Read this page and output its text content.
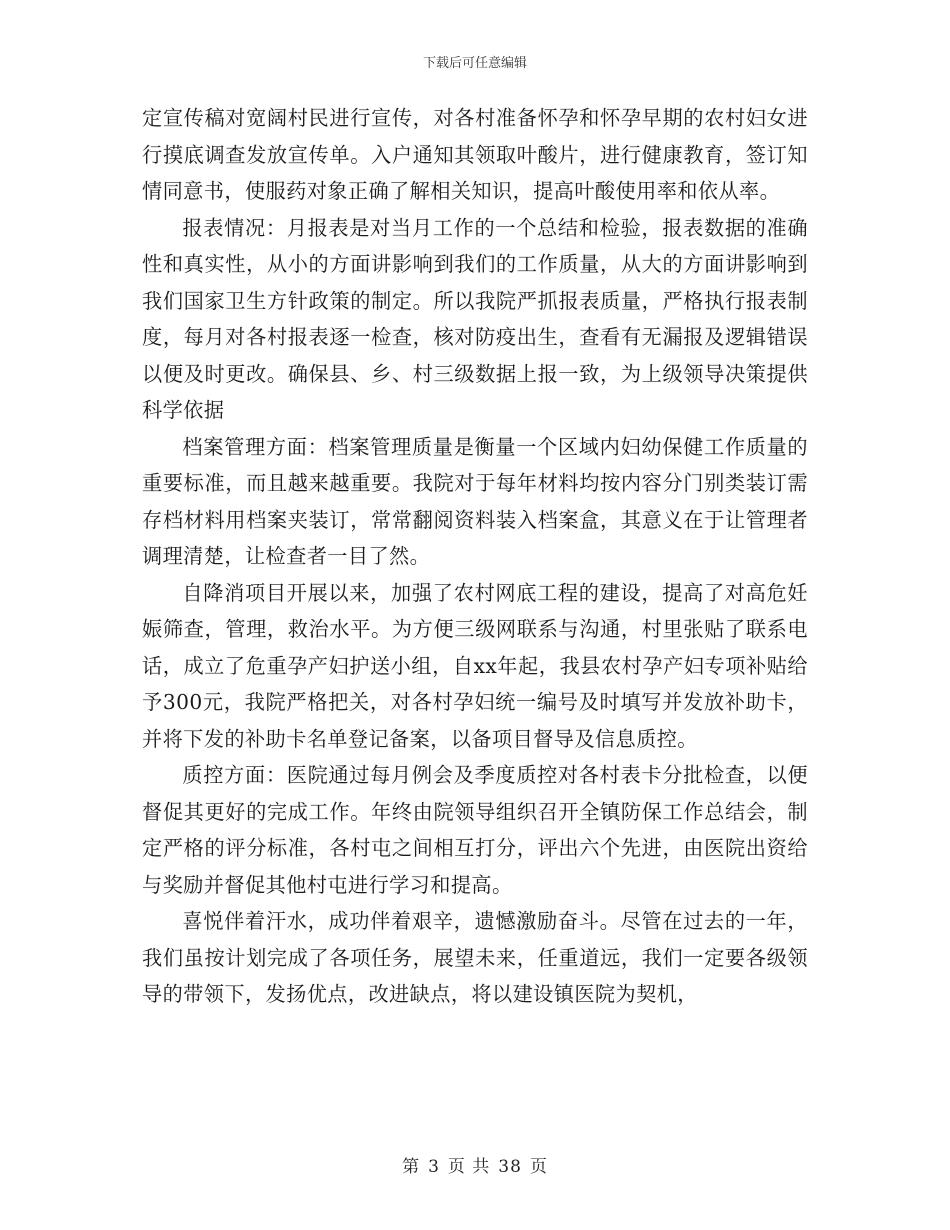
下载后可任意编辑

定宣传稿对宽阔村民进行宣传，对各村准备怀孕和怀孕早期的农村妇女进行摸底调查发放宣传单。入户通知其领取叶酸片，进行健康教育，签订知情同意书，使服药对象正确了解相关知识，提高叶酸使用率和依从率。

报表情况：月报表是对当月工作的一个总结和检验，报表数据的准确性和真实性，从小的方面讲影响到我们的工作质量，从大的方面讲影响到我们国家卫生方针政策的制定。所以我院严抓报表质量，严格执行报表制度，每月对各村报表逐一检查，核对防疫出生，查看有无漏报及逻辑错误以便及时更改。确保县、乡、村三级数据上报一致，为上级领导决策提供科学依据

档案管理方面：档案管理质量是衡量一个区域内妇幼保健工作质量的重要标准，而且越来越重要。我院对于每年材料均按内容分门别类装订需存档材料用档案夹装订，常常翻阅资料装入档案盒，其意义在于让管理者调理清楚，让检查者一目了然。

自降消项目开展以来，加强了农村网底工程的建设，提高了对高危妊娠筛查，管理，救治水平。为方便三级网联系与沟通，村里张贴了联系电话，成立了危重孕产妇护送小组，自xx年起，我县农村孕产妇专项补贴给予300元，我院严格把关，对各村孕妇统一编号及时填写并发放补助卡，并将下发的补助卡名单登记备案，以备项目督导及信息质控。

质控方面：医院通过每月例会及季度质控对各村表卡分批检查，以便督促其更好的完成工作。年终由院领导组织召开全镇防保工作总结会，制定严格的评分标准，各村屯之间相互打分，评出六个先进，由医院出资给与奖励并督促其他村屯进行学习和提高。

喜悦伴着汗水，成功伴着艰辛，遗憾激励奋斗。尽管在过去的一年，我们虽按计划完成了各项任务，展望未来，任重道远，我们一定要各级领导的带领下，发扬优点，改进缺点，将以建设镇医院为契机，

第 3 页 共 38 页
